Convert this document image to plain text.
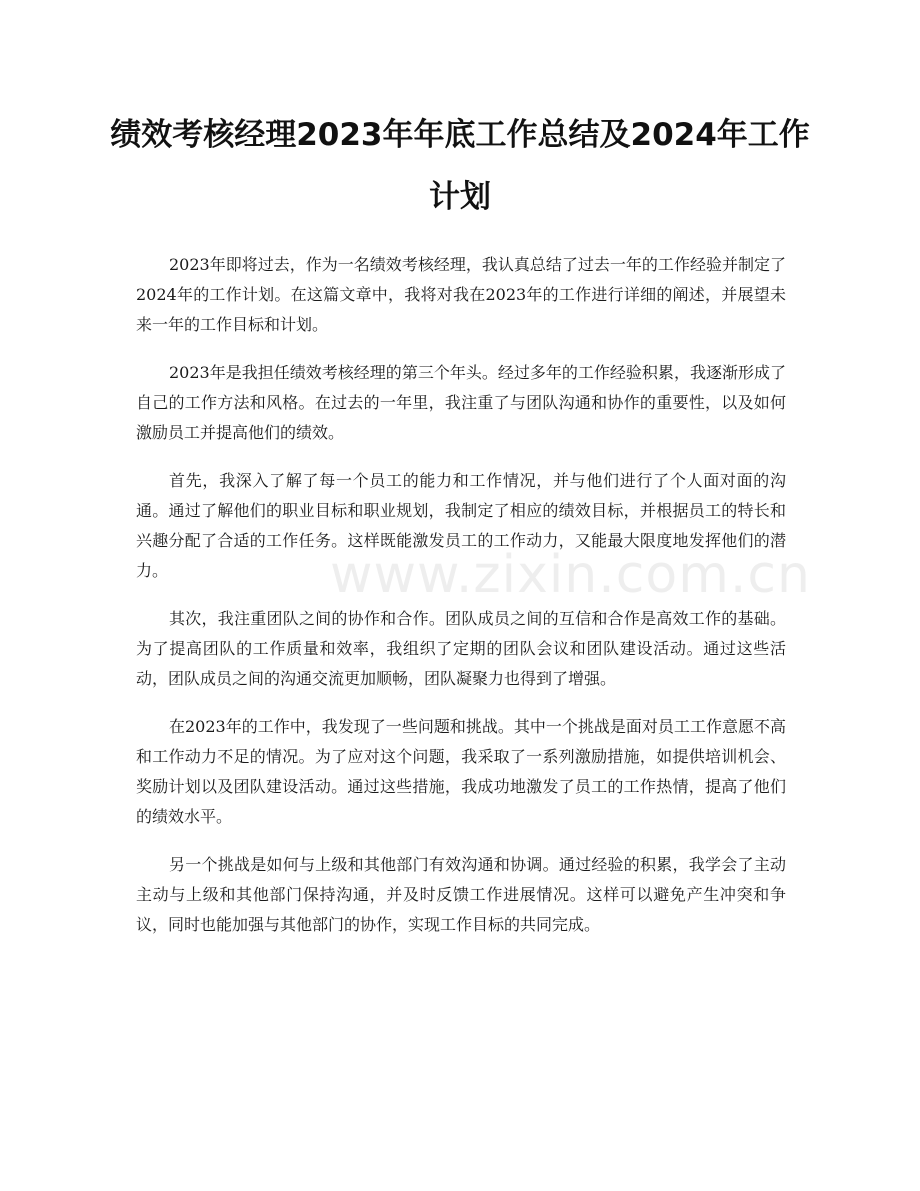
绩效考核经理2023年年底工作总结及2024年工作计划
www.zixin.com.cn

2023年即将过去，作为一名绩效考核经理，我认真总结了过去一年的工作经验并制定了2024年的工作计划。在这篇文章中，我将对我在2023年的工作进行详细的阐述，并展望未来一年的工作目标和计划。

2023年是我担任绩效考核经理的第三个年头。经过多年的工作经验积累，我逐渐形成了自己的工作方法和风格。在过去的一年里，我注重了与团队沟通和协作的重要性，以及如何激励员工并提高他们的绩效。

首先，我深入了解了每一个员工的能力和工作情况，并与他们进行了个人面对面的沟通。通过了解他们的职业目标和职业规划，我制定了相应的绩效目标，并根据员工的特长和兴趣分配了合适的工作任务。这样既能激发员工的工作动力，又能最大限度地发挥他们的潜力。

其次，我注重团队之间的协作和合作。团队成员之间的互信和合作是高效工作的基础。为了提高团队的工作质量和效率，我组织了定期的团队会议和团队建设活动。通过这些活动，团队成员之间的沟通交流更加顺畅，团队凝聚力也得到了增强。

在2023年的工作中，我发现了一些问题和挑战。其中一个挑战是面对员工工作意愿不高和工作动力不足的情况。为了应对这个问题，我采取了一系列激励措施，如提供培训机会、奖励计划以及团队建设活动。通过这些措施，我成功地激发了员工的工作热情，提高了他们的绩效水平。

另一个挑战是如何与上级和其他部门有效沟通和协调。通过经验的积累，我学会了主动主动与上级和其他部门保持沟通，并及时反馈工作进展情况。这样可以避免产生冲突和争议，同时也能加强与其他部门的协作，实现工作目标的共同完成。
